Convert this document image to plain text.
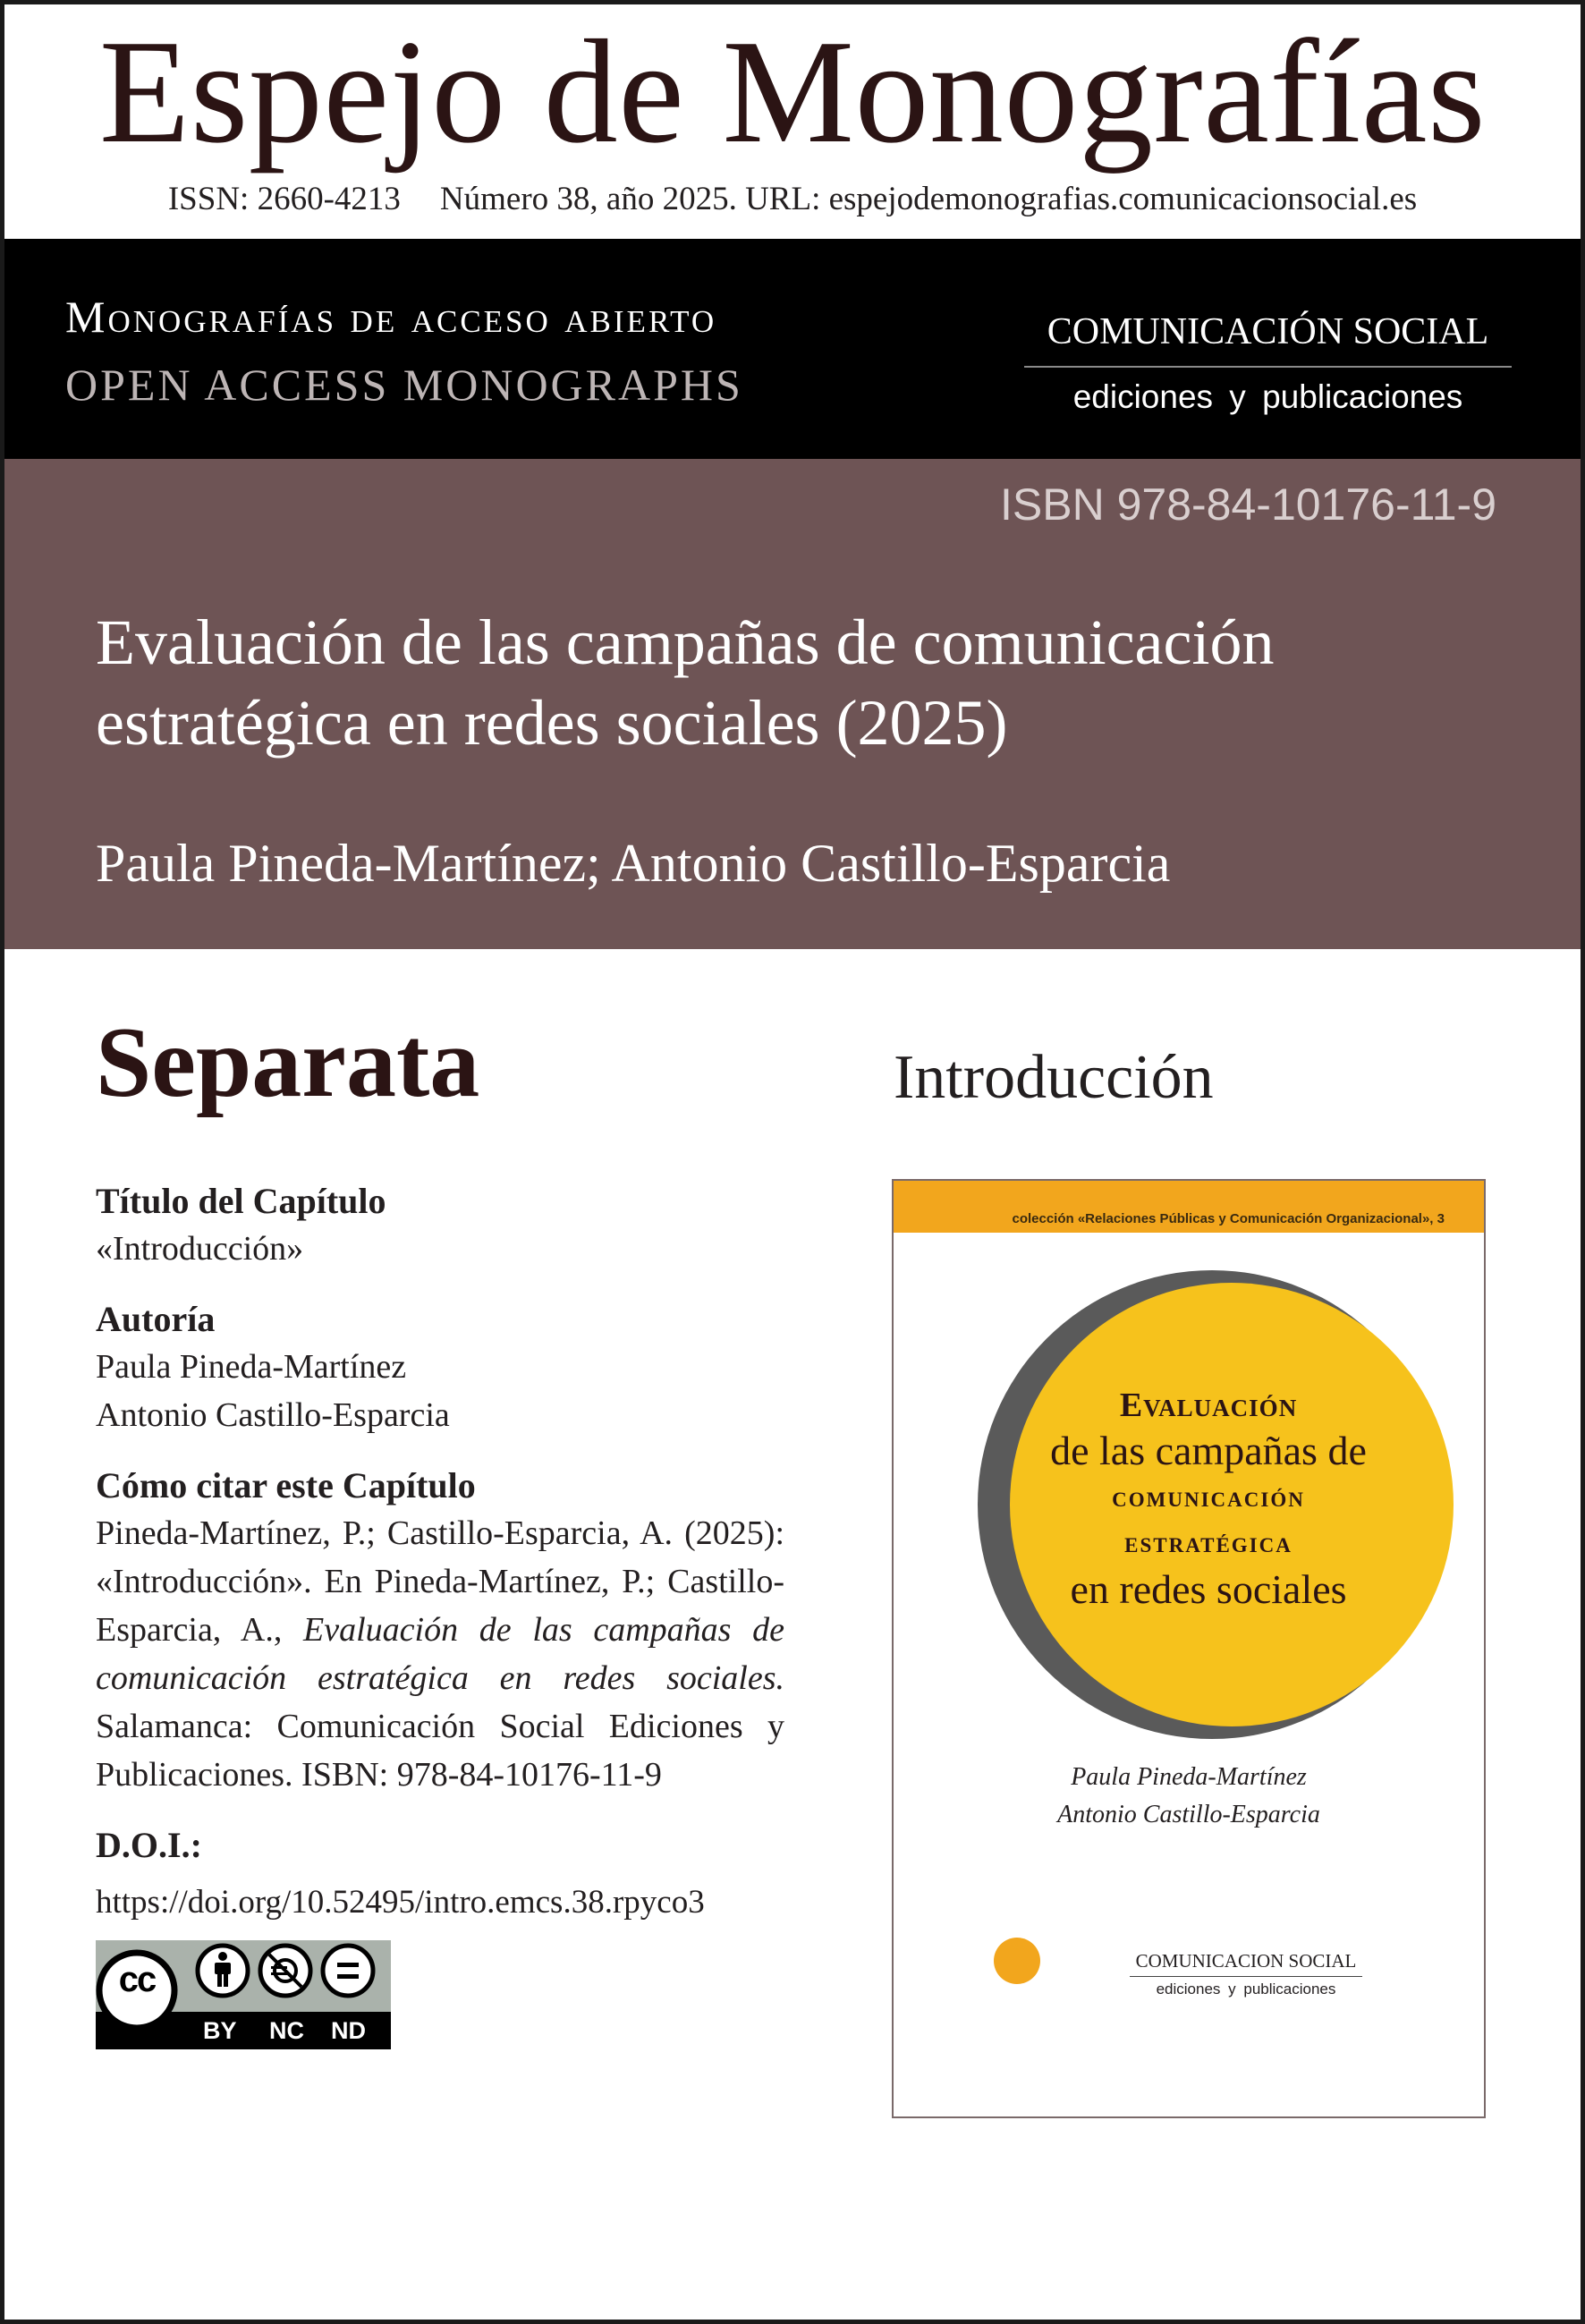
Espejo de Monografías
ISSN: 2660-4213 Número 38, año 2025. URL: espejodemonografias.comunicacionsocial.es
Monografías de acceso abierto
OPEN ACCESS MONOGRAPHS
COMUNICACIÓN SOCIAL
ediciones y publicaciones
ISBN 978-84-10176-11-9
Evaluación de las campañas de comunicación
estratégica en redes sociales (2025)
Paula Pineda-Martínez; Antonio Castillo-Esparcia
Separata
Título del Capítulo
«Introducción»
Autoría
Paula Pineda-Martínez
Antonio Castillo-Esparcia
Cómo citar este Capítulo
Pineda-Martínez, P.; Castillo-Esparcia, A. (2025): «Introducción». En Pineda-Martínez, P.; Castillo-Esparcia, A., Evaluación de las campañas de comunicación estratégica en redes sociales. Salamanca: Comunicación Social Ediciones y Publicaciones. ISBN: 978-84-10176-11-9
D.O.I.:
https://doi.org/10.52495/intro.emcs.38.rpyco3
cc
BY NC ND
Introducción
colección «Relaciones Públicas y Comunicación Organizacional», 3
Evaluación
de las campañas de
comunicación
estratégica
en redes sociales
Paula Pineda-Martínez
Antonio Castillo-Esparcia
COMUNICACION SOCIAL
ediciones y publicaciones
